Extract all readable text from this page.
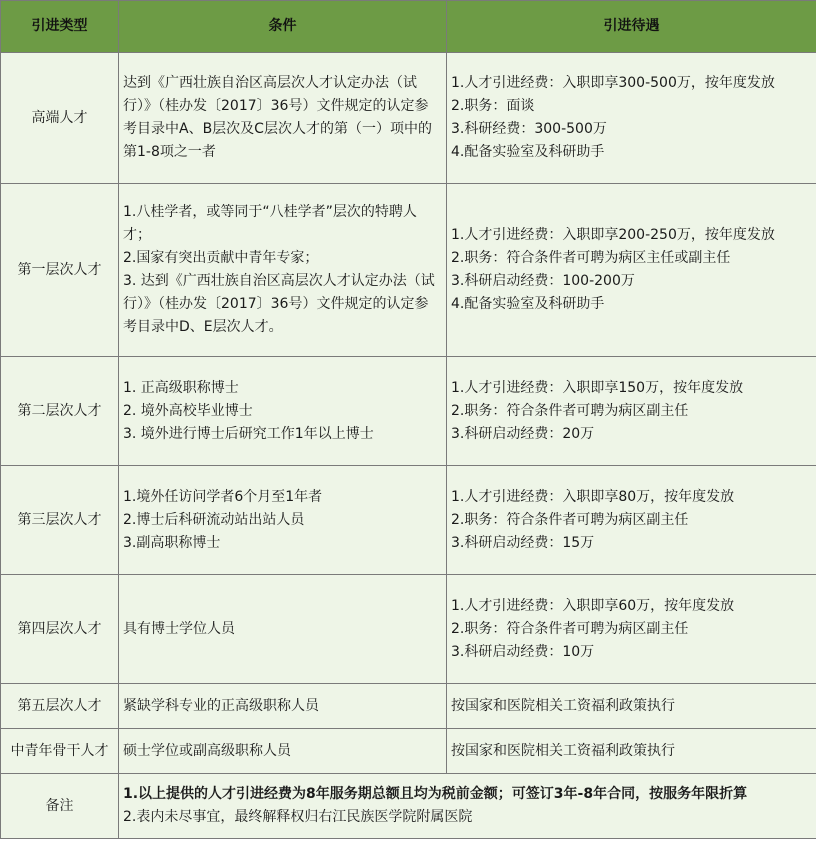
引进类型	条件	引进待遇
高端人才	达到《广西壮族自治区高层次人才认定办法（试行）》（桂办发〔2017〕36号）文件规定的认定参考目录中A、B层次及C层次人才的第（一）项中的第1-8项之一者	1.人才引进经费：入职即享300-500万，按年度发放
2.职务：面谈
3.科研经费：300-500万
4.配备实验室及科研助手

第一层次人才	1.八桂学者，或等同于“八桂学者”层次的特聘人才；
2.国家有突出贡献中青年专家；
3. 达到《广西壮族自治区高层次人才认定办法（试行）》（桂办发〔2017〕36号）文件规定的认定参考目录中D、E层次人才。	1.人才引进经费：入职即享200-250万，按年度发放
2.职务：符合条件者可聘为病区主任或副主任
3.科研启动经费：100-200万
4.配备实验室及科研助手

第二层次人才	1. 正高级职称博士
2. 境外高校毕业博士
3. 境外进行博士后研究工作1年以上博士	1.人才引进经费：入职即享150万，按年度发放
2.职务：符合条件者可聘为病区副主任
3.科研启动经费：20万

第三层次人才	1.境外任访问学者6个月至1年者
2.博士后科研流动站出站人员
3.副高职称博士	1.人才引进经费：入职即享80万，按年度发放
2.职务：符合条件者可聘为病区副主任
3.科研启动经费：15万

第四层次人才	具有博士学位人员	1.人才引进经费：入职即享60万，按年度发放
2.职务：符合条件者可聘为病区副主任
3.科研启动经费：10万

第五层次人才	紧缺学科专业的正高级职称人员	按国家和医院相关工资福利政策执行

中青年骨干人才	硕士学位或副高级职称人员	按国家和医院相关工资福利政策执行

备注	1.以上提供的人才引进经费为8年服务期总额且均为税前金额；可签订3年-8年合同，按服务年限折算
2.表内未尽事宜，最终解释权归右江民族医学院附属医院	
